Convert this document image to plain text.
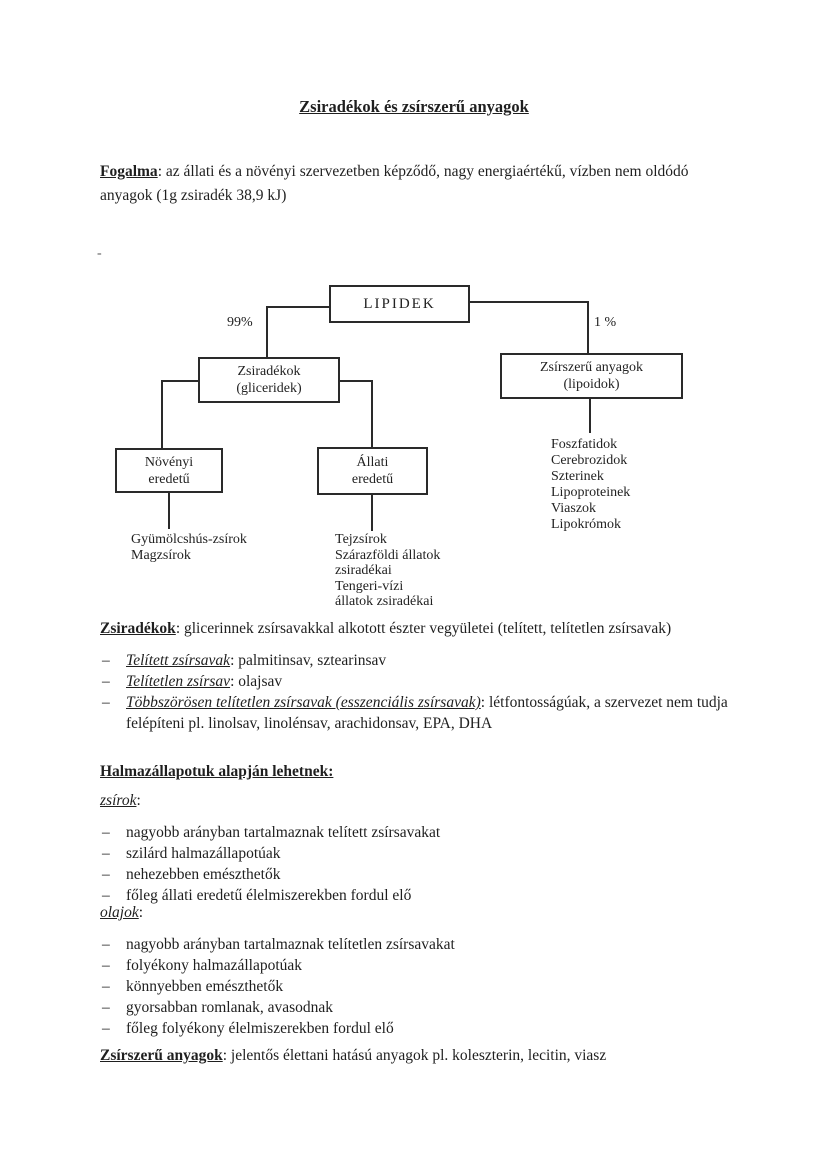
Zsiradékok és zsírszerű anyagok
Fogalma: az állati és a növényi szervezetben képződő, nagy energiaértékű, vízben nem oldódó anyagok (1g zsiradék 38,9 kJ)
-
LIPIDEK
99%	1 %
Zsiradékok
(gliceridek)
Zsírszerű anyagok
(lipoidok)
Növényi
eredetű
Állati
eredetű
Gyümölcshús-zsírok
Magzsírok
Tejzsírok
Szárazföldi állatok
zsiradékai
Tengeri-vízi
állatok zsiradékai
Foszfatidok
Cerebrozidok
Szterinek
Lipoproteinek
Viaszok
Lipokrómok
Zsiradékok: glicerinnek zsírsavakkal alkotott észter vegyületei (telített, telítetlen zsírsavak)
– Telített zsírsavak: palmitinsav, sztearinsav
– Telítetlen zsírsav: olajsav
– Többszörösen telítetlen zsírsavak (esszenciális zsírsavak): létfontosságúak, a szervezet nem tudja felépíteni pl. linolsav, linolénsav, arachidonsav, EPA, DHA
Halmazállapotuk alapján lehetnek:
zsírok:
– nagyobb arányban tartalmaznak telített zsírsavakat
– szilárd halmazállapotúak
– nehezebben emészthetők
– főleg állati eredetű élelmiszerekben fordul elő
olajok:
– nagyobb arányban tartalmaznak telítetlen zsírsavakat
– folyékony halmazállapotúak
– könnyebben emészthetők
– gyorsabban romlanak, avasodnak
– főleg folyékony élelmiszerekben fordul elő
Zsírszerű anyagok: jelentős élettani hatású anyagok pl. koleszterin, lecitin, viasz
